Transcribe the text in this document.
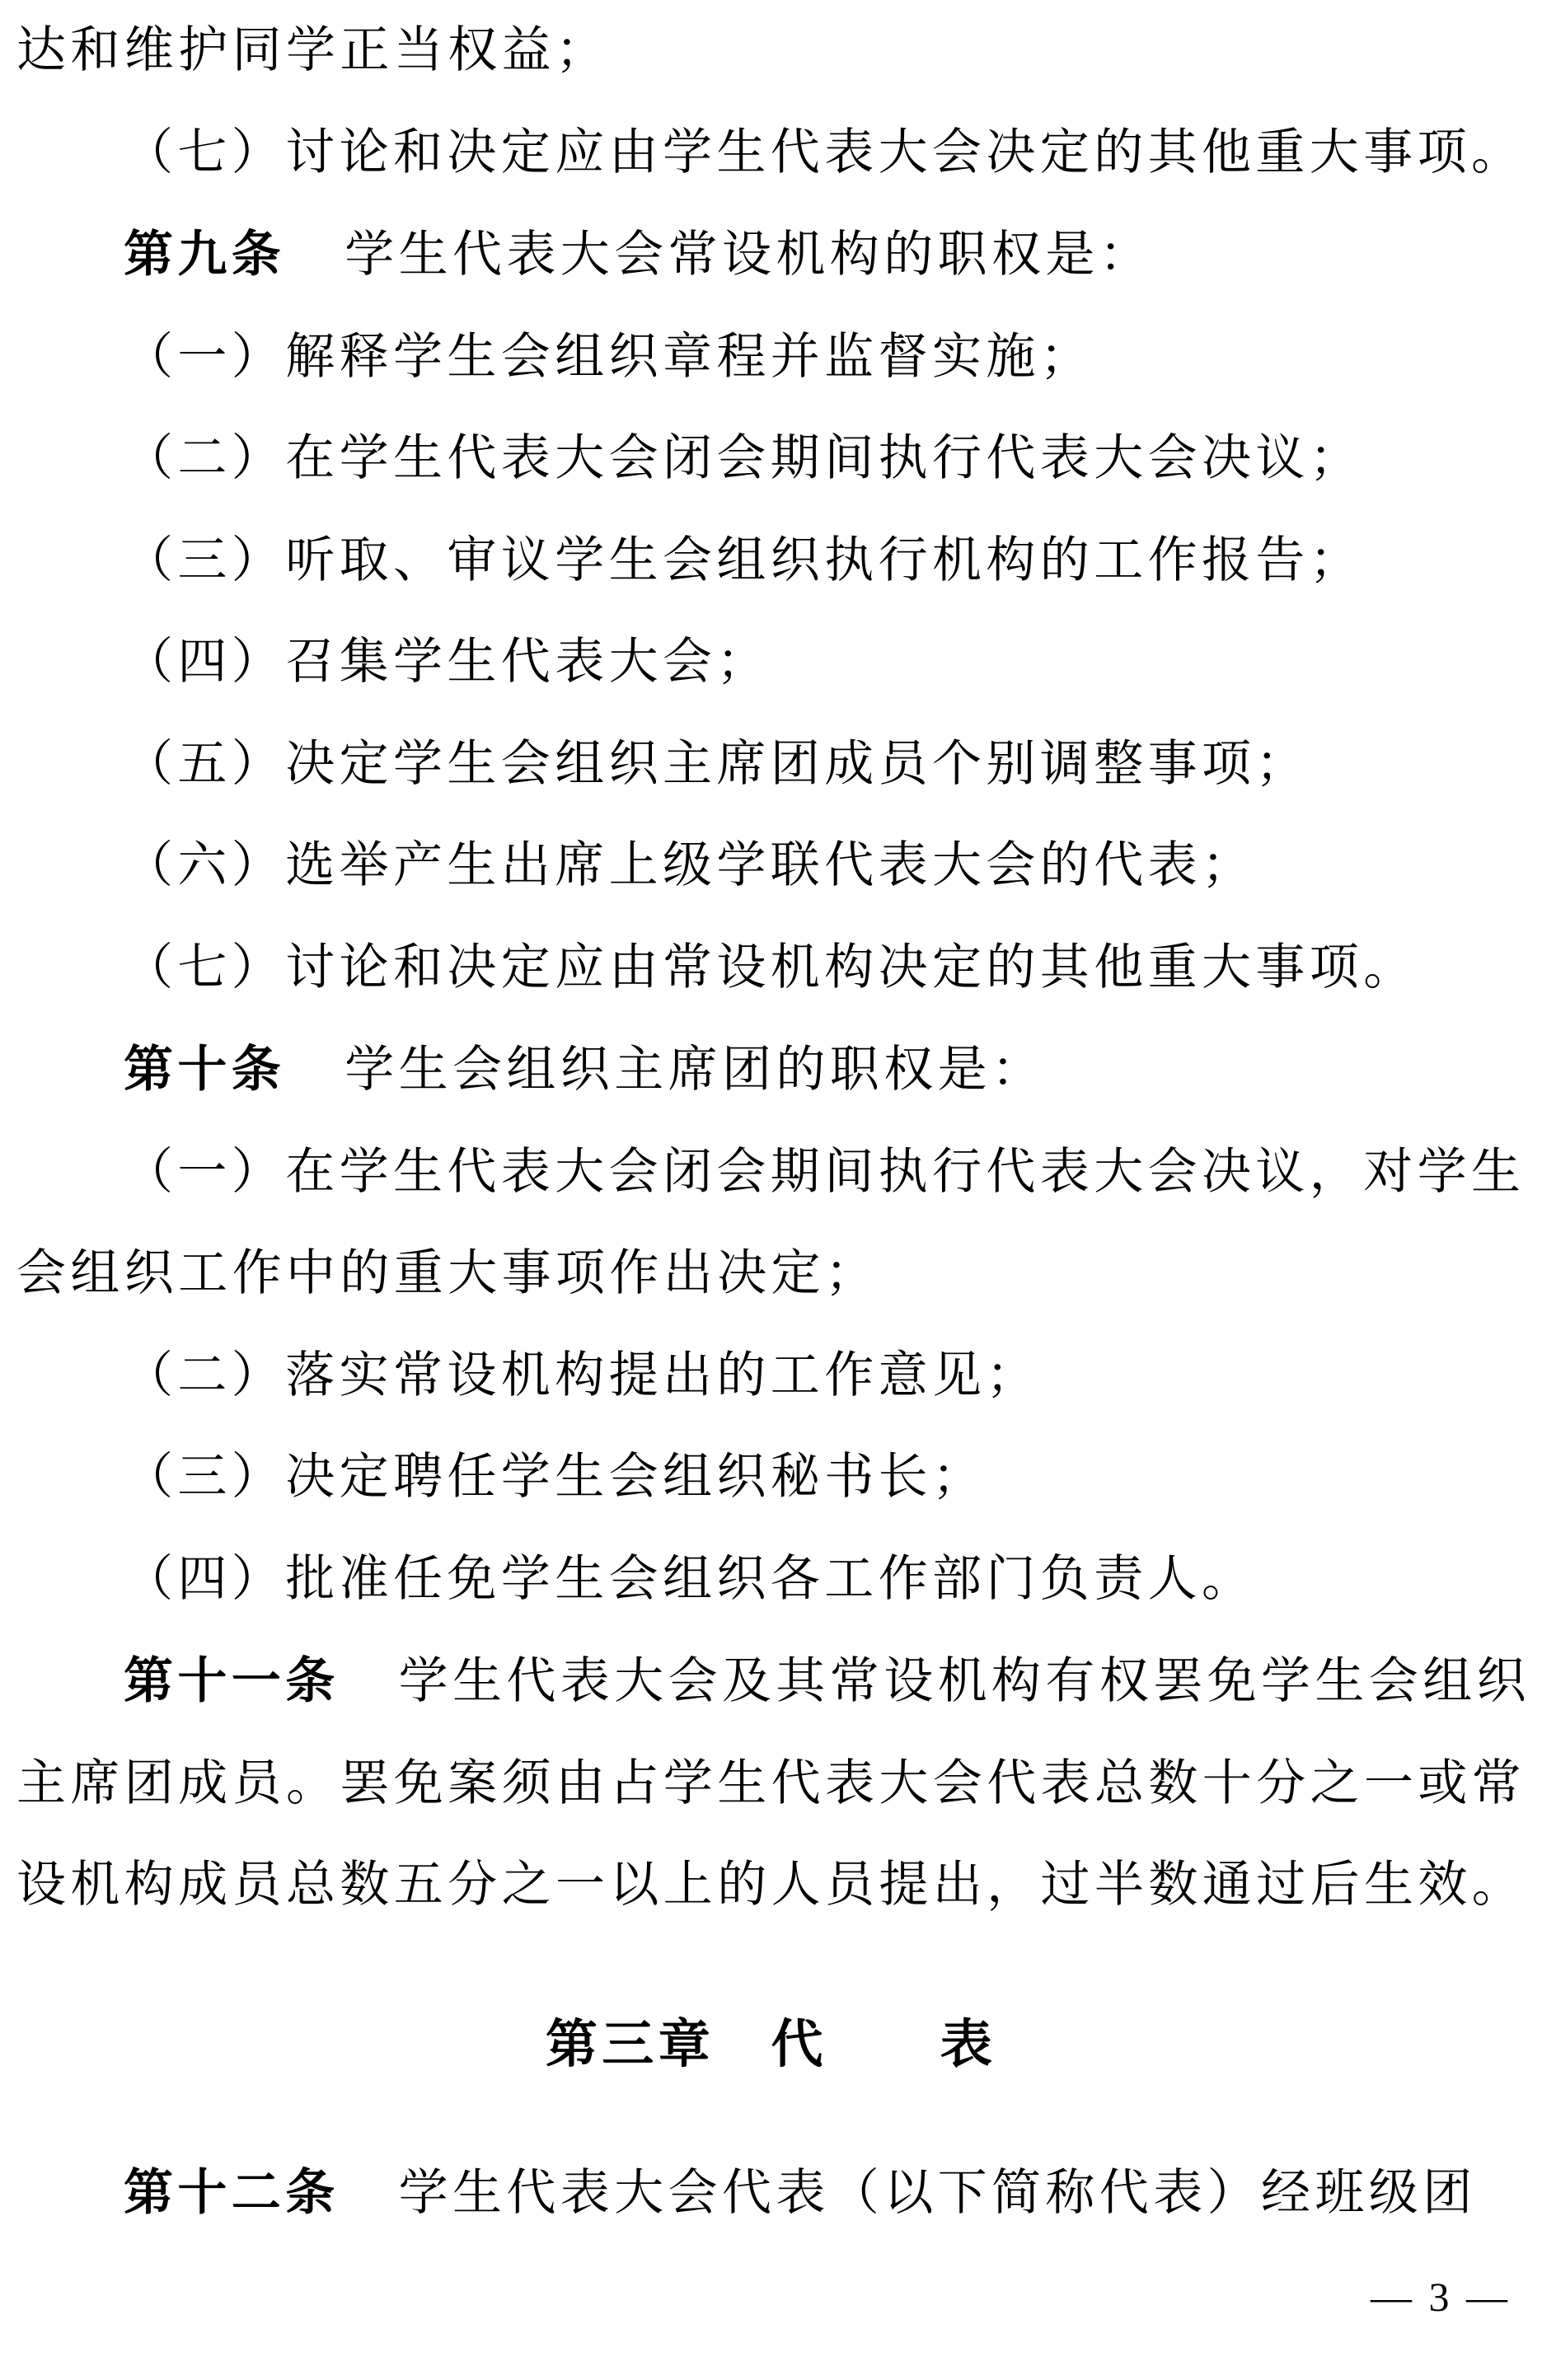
达和维护同学正当权益；
（七）讨论和决定应由学生代表大会决定的其他重大事项。
第九条 学生代表大会常设机构的职权是：
（一）解释学生会组织章程并监督实施；
（二）在学生代表大会闭会期间执行代表大会决议；
（三）听取、审议学生会组织执行机构的工作报告；
（四）召集学生代表大会；
（五）决定学生会组织主席团成员个别调整事项；
（六）选举产生出席上级学联代表大会的代表；
（七）讨论和决定应由常设机构决定的其他重大事项。
第十条 学生会组织主席团的职权是：
（一）在学生代表大会闭会期间执行代表大会决议，对学生
会组织工作中的重大事项作出决定；
（二）落实常设机构提出的工作意见；
（三）决定聘任学生会组织秘书长；
（四）批准任免学生会组织各工作部门负责人。
第十一条 学生代表大会及其常设机构有权罢免学生会组织
主席团成员。罢免案须由占学生代表大会代表总数十分之一或常
设机构成员总数五分之一以上的人员提出，过半数通过后生效。
第三章　代　　表
第十二条 学生代表大会代表（以下简称代表）经班级团
— 3 —
